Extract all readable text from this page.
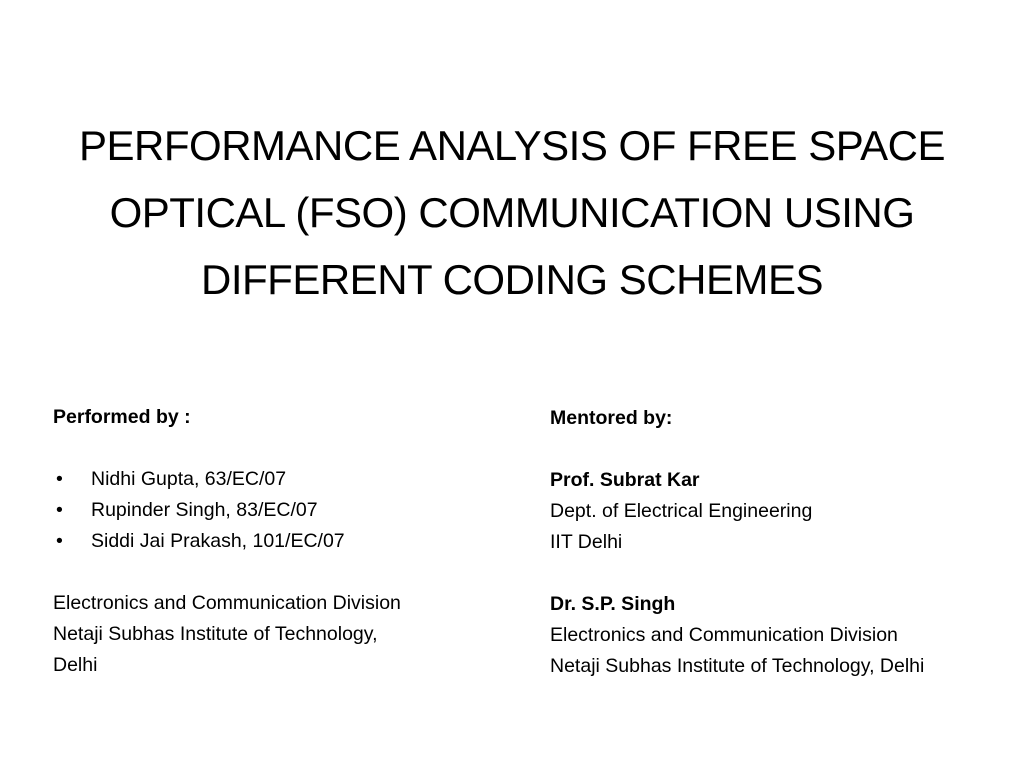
PERFORMANCE ANALYSIS OF FREE SPACE
OPTICAL (FSO) COMMUNICATION USING
DIFFERENT CODING SCHEMES
Performed by :
• Nidhi Gupta, 63/EC/07
• Rupinder Singh, 83/EC/07
• Siddi Jai Prakash, 101/EC/07
Electronics and Communication Division
Netaji Subhas Institute of Technology,
Delhi
Mentored by:
Prof. Subrat Kar
Dept. of Electrical Engineering
IIT Delhi
Dr. S.P. Singh
Electronics and Communication Division
Netaji Subhas Institute of Technology, Delhi
